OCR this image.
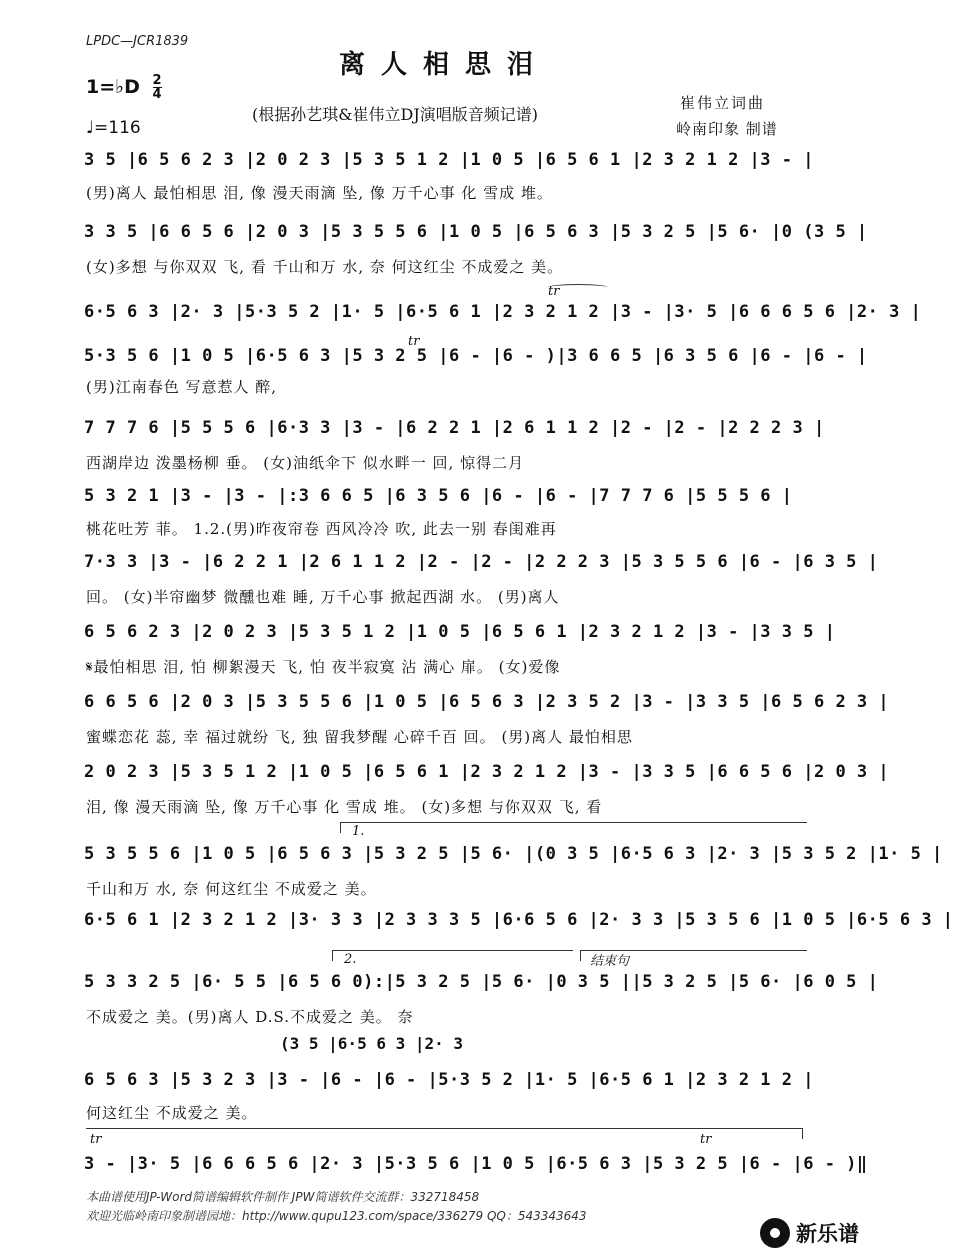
LPDC—JCR1839
离人相思泪
1=♭D $\frac{2}{4}$
♩=116
(根据孙艺琪&崔伟立DJ演唱版音频记谱)
崔伟立词曲
岭南印象 制谱
3 5 |6 5 6 2 3 |2 0 2 3 |5 3 5 1 2 |1 0 5 |6 5 6 1 |2 3 2 1 2 |3 - |
(男)离人 最怕相思 泪, 像 漫天雨滴 坠, 像 万千心事 化 雪成 堆。
3 3 5 |6 6 5 6 |2 0 3 |5 3 5 5 6 |1 0 5 |6 5 6 3 |5 3 2 5 |5 6· |0 (3 5 |
(女)多想 与你双双 飞, 看 千山和万 水, 奈 何这红尘 不成爱之 美。
tr
6·5 6 3 |2· 3 |5·3 5 2 |1· 5 |6·5 6 1 |2 3 2 1 2 |3 - |3· 5 |6 6 6 5 6 |2· 3 |
tr
5·3 5 6 |1 0 5 |6·5 6 3 |5 3 2 5 |6 - |6 - )|3 6 6 5 |6 3 5 6 |6 - |6 - |
(男)江南春色 写意惹人 醉,
7 7 7 6 |5 5 5 6 |6·3 3 |3 - |6 2 2 1 |2 6 1 1 2 |2 - |2 - |2 2 2 3 |
西湖岸边 泼墨杨柳 垂。 (女)油纸伞下 似水畔一 回, 惊得二月
5 3 2 1 |3 - |3 - |:3 6 6 5 |6 3 5 6 |6 - |6 - |7 7 7 6 |5 5 5 6 |
桃花吐芳 菲。 1.2.(男)昨夜帘卷 西风冷冷 吹, 此去一别 春闺难再
7·3 3 |3 - |6 2 2 1 |2 6 1 1 2 |2 - |2 - |2 2 2 3 |5 3 5 5 6 |6 - |6 3 5 |
回。 (女)半帘幽梦 微醺也难 睡, 万千心事 掀起西湖 水。 (男)离人
6 5 6 2 3 |2 0 2 3 |5 3 5 1 2 |1 0 5 |6 5 6 1 |2 3 2 1 2 |3 - |3 3 5 |
𝄋最怕相思 泪, 怕 柳絮漫天 飞, 怕 夜半寂寞 沾 满心 扉。 (女)爱像
6 6 5 6 |2 0 3 |5 3 5 5 6 |1 0 5 |6 5 6 3 |2 3 5 2 |3 - |3 3 5 |6 5 6 2 3 |
蜜蝶恋花 蕊, 幸 福过就纷 飞, 独 留我梦醒 心碎千百 回。 (男)离人 最怕相思
2 0 2 3 |5 3 5 1 2 |1 0 5 |6 5 6 1 |2 3 2 1 2 |3 - |3 3 5 |6 6 5 6 |2 0 3 |
泪, 像 漫天雨滴 坠, 像 万千心事 化 雪成 堆。 (女)多想 与你双双 飞, 看
1.
5 3 5 5 6 |1 0 5 |6 5 6 3 |5 3 2 5 |5 6· |(0 3 5 |6·5 6 3 |2· 3 |5 3 5 2 |1· 5 |
千山和万 水, 奈 何这红尘 不成爱之 美。
6·5 6 1 |2 3 2 1 2 |3· 3 3 |2 3 3 3 5 |6·6 5 6 |2· 3 3 |5 3 5 6 |1 0 5 |6·5 6 3 |
2.	结束句
5 3 3 2 5 |6· 5 5 |6 5 6 0):|5 3 2 5 |5 6· |0 3 5 ||5 3 2 5 |5 6· |6 0 5 |
不成爱之 美。(男)离人 D.S.不成爱之 美。 奈
(3 5 |6·5 6 3 |2· 3
6 5 6 3 |5 3 2 3 |3 - |6 - |6 - |5·3 5 2 |1· 5 |6·5 6 1 |2 3 2 1 2 |
何这红尘 不成爱之 美。
tr	tr
3 - |3· 5 |6 6 6 5 6 |2· 3 |5·3 5 6 |1 0 5 |6·5 6 3 |5 3 2 5 |6 - |6 - )‖
本曲谱使用JP-Word简谱编辑软件制作 JPW简谱软件交流群：332718458
欢迎光临岭南印象制谱园地：http://www.qupu123.com/space/336279 QQ：543343643
新乐谱
